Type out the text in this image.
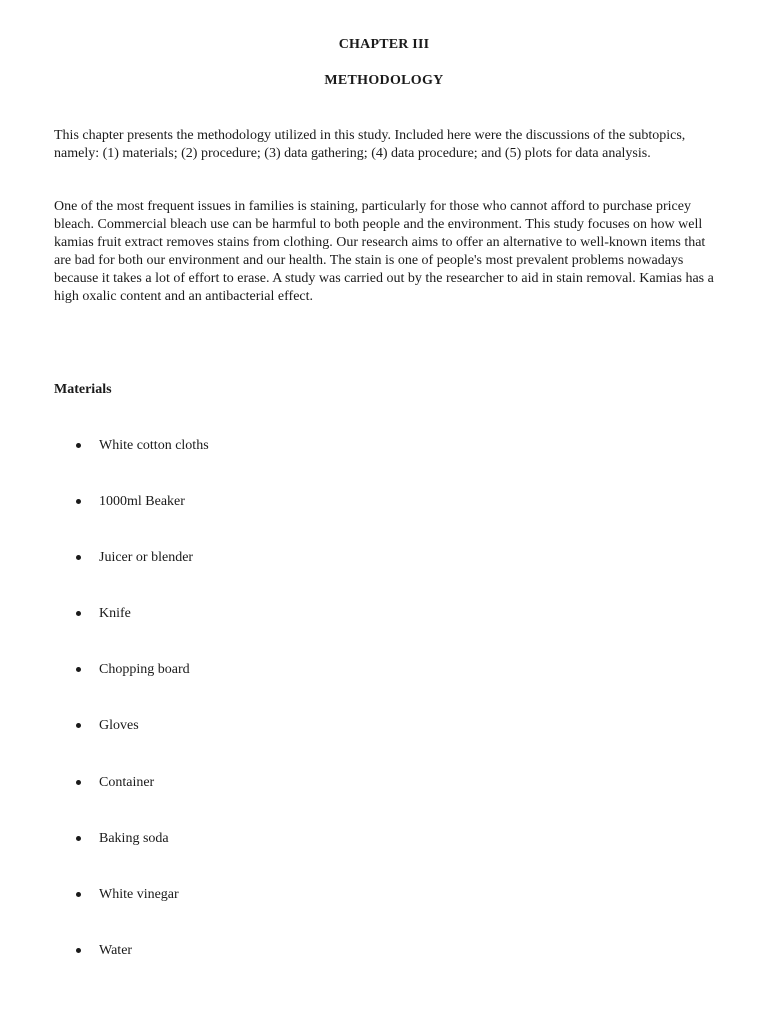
CHAPTER III
METHODOLOGY

This chapter presents the methodology utilized in this study. Included here were the discussions of the subtopics, namely: (1) materials; (2) procedure; (3) data gathering; (4) data procedure; and (5) plots for data analysis.

One of the most frequent issues in families is staining, particularly for those who cannot afford to purchase pricey bleach. Commercial bleach use can be harmful to both people and the environment. This study focuses on how well kamias fruit extract removes stains from clothing. Our research aims to offer an alternative to well-known items that are bad for both our environment and our health. The stain is one of people's most prevalent problems nowadays because it takes a lot of effort to erase. A study was carried out by the researcher to aid in stain removal. Kamias has a high oxalic content and an antibacterial effect.

Materials
White cotton cloths
1000ml Beaker
Juicer or blender
Knife
Chopping board
Gloves
Container
Baking soda
White vinegar
Water
